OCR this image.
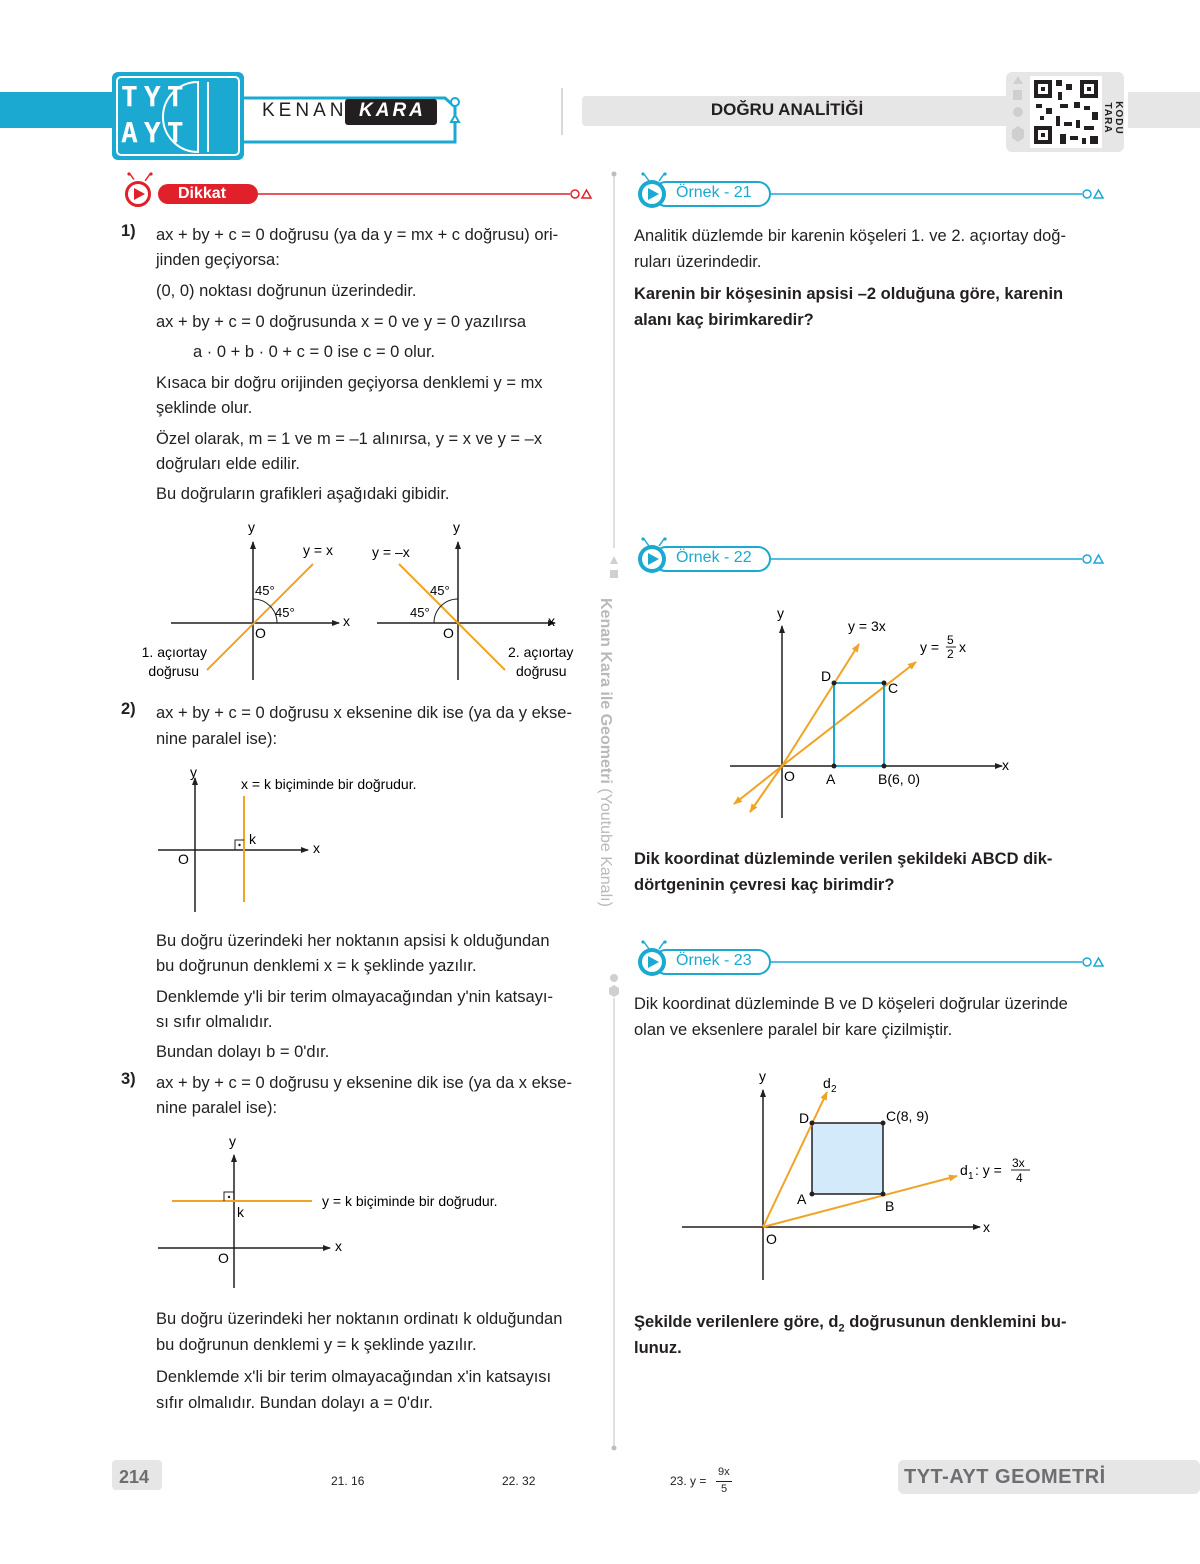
TYT
AYT
KENAN KARA	DOĞRU ANALİTİĞİ	KODU TARA
Kenan Kara ile Geometri (Youtube Kanalı)
Dikkat
1) ax + by + c = 0 doğrusu (ya da y = mx + c doğrusu) ori-
jinden geçiyorsa:
(0, 0) noktası doğrunun üzerindedir.
ax + by + c = 0 doğrusunda x = 0 ve y = 0 yazılırsa
a · 0 + b · 0 + c = 0 ise c = 0 olur.
Kısaca bir doğru orijinden geçiyorsa denklemi y = mx
şeklinde olur.
Özel olarak, m = 1 ve m = –1 alınırsa, y = x ve y = –x
doğruları elde edilir.
Bu doğruların grafikleri aşağıdaki gibidir.
y
x
O
y = x
45°
45°
1. açıortay
doğrusu
y
x
O
y = –x
45°
45°
2. açıortay
doğrusu
2) ax + by + c = 0 doğrusu x eksenine dik ise (ya da y ekse-
nine paralel ise):
y
x
O
k
x = k biçiminde bir doğrudur.
Bu doğru üzerindeki her noktanın apsisi k olduğundan
bu doğrunun denklemi x = k şeklinde yazılır.
Denklemde y'li bir terim olmayacağından y'nin katsayı-
sı sıfır olmalıdır.
Bundan dolayı b = 0'dır.
3) ax + by + c = 0 doğrusu y eksenine dik ise (ya da x ekse-
nine paralel ise):
y
x
O
k
y = k biçiminde bir doğrudur.
Bu doğru üzerindeki her noktanın ordinatı k olduğundan
bu doğrunun denklemi y = k şeklinde yazılır.
Denklemde x'li bir terim olmayacağından x'in katsayısı
sıfır olmalıdır. Bundan dolayı a = 0'dır.
Örnek - 21
Analitik düzlemde bir karenin köşeleri 1. ve 2. açıortay doğ-
ruları üzerindedir.
Karenin bir köşesinin apsisi –2 olduğuna göre, karenin
alanı kaç birimkaredir?
Örnek - 22
y
x
O A	B(6, 0)
C
D
y = 3x
y = 5
2 x
Dik koordinat düzleminde verilen şekildeki ABCD dik-
dörtgeninin çevresi kaç birimdir?
Örnek - 23
Dik koordinat düzleminde B ve D köşeleri doğrular üzerinde
olan ve eksenlere paralel bir kare çizilmiştir.
y
x
O
A	B
C(8, 9)
D
d 2
d 1 : y = 3x
4
Şekilde verilenlere göre, $d_2$ doğrusunun denklemini bu-
lunuz.
214	21. 16	22. 32	23. y =
9x
5
TYT-AYT GEOMETRİ
